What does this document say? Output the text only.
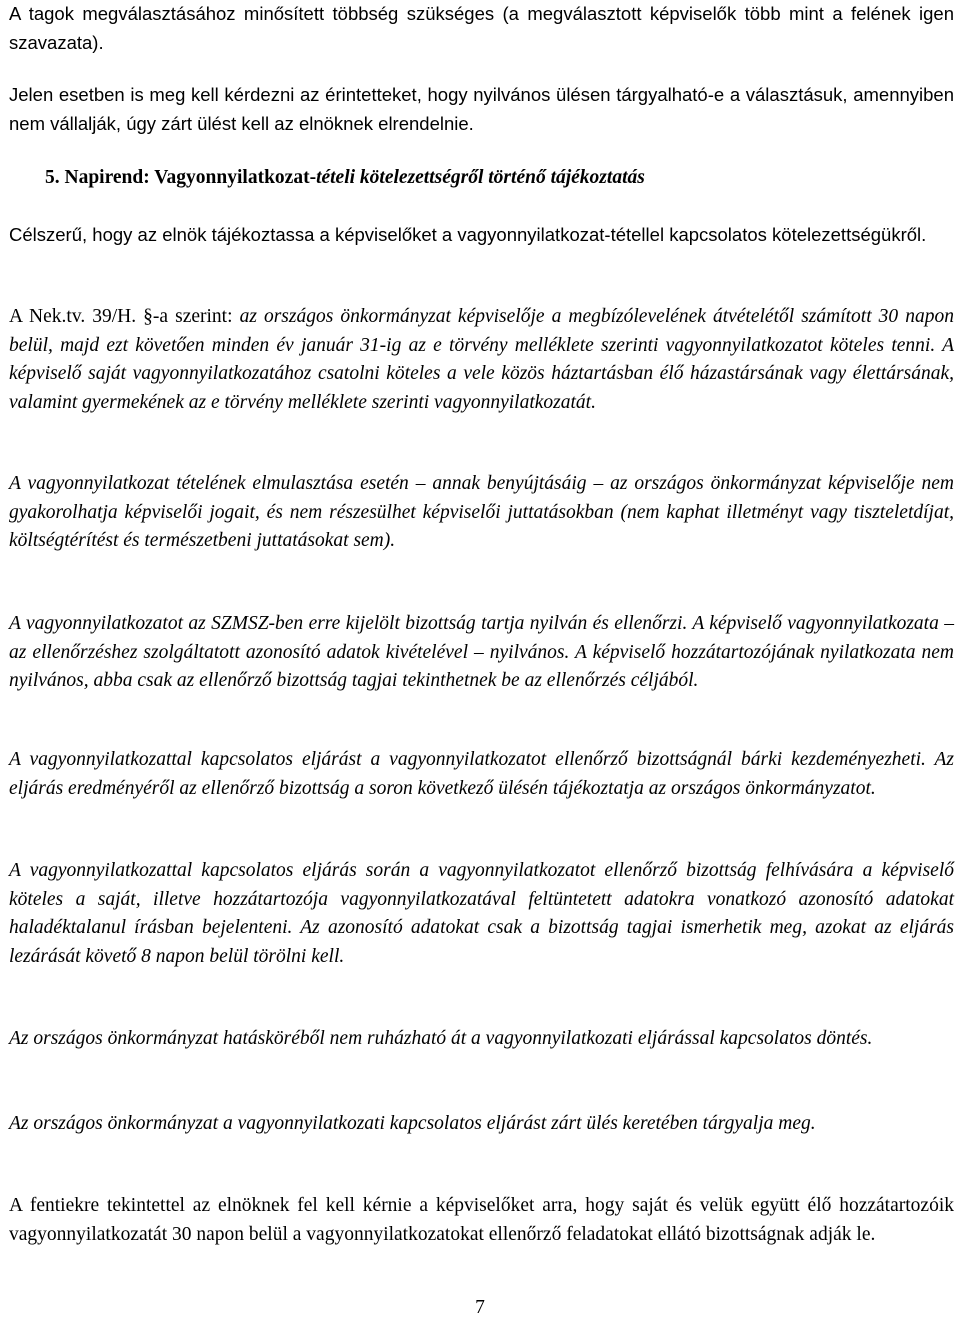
A tagok megválasztásához minősített többség szükséges (a megválasztott képviselők több mint a felének igen szavazata).

Jelen esetben is meg kell kérdezni az érintetteket, hogy nyilvános ülésen tárgyalható-e a választásuk, amennyiben nem vállalják, úgy zárt ülést kell az elnöknek elrendelnie.

5. Napirend: Vagyonnyilatkozat-tételi kötelezettségről történő tájékoztatás

Célszerű, hogy az elnök tájékoztassa a képviselőket a vagyonnyilatkozat-tétellel kapcsolatos kötelezettségükről.

A Nek.tv. 39/H. §-a szerint: az országos önkormányzat képviselője a megbízólevelének átvételétől számított 30 napon belül, majd ezt követően minden év január 31-ig az e törvény melléklete szerinti vagyonnyilatkozatot köteles tenni. A képviselő saját vagyonnyilatkozatához csatolni köteles a vele közös háztartásban élő házastársának vagy élettársának, valamint gyermekének az e törvény melléklete szerinti vagyonnyilatkozatát.

A vagyonnyilatkozat tételének elmulasztása esetén – annak benyújtásáig – az országos önkormányzat képviselője nem gyakorolhatja képviselői jogait, és nem részesülhet képviselői juttatásokban (nem kaphat illetményt vagy tiszteletdíjat, költségtérítést és természetbeni juttatásokat sem).

A vagyonnyilatkozatot az SZMSZ-ben erre kijelölt bizottság tartja nyilván és ellenőrzi. A képviselő vagyonnyilatkozata – az ellenőrzéshez szolgáltatott azonosító adatok kivételével – nyilvános. A képviselő hozzátartozójának nyilatkozata nem nyilvános, abba csak az ellenőrző bizottság tagjai tekinthetnek be az ellenőrzés céljából.

A vagyonnyilatkozattal kapcsolatos eljárást a vagyonnyilatkozatot ellenőrző bizottságnál bárki kezdeményezheti. Az eljárás eredményéről az ellenőrző bizottság a soron következő ülésén tájékoztatja az országos önkormányzatot.

A vagyonnyilatkozattal kapcsolatos eljárás során a vagyonnyilatkozatot ellenőrző bizottság felhívására a képviselő köteles a saját, illetve hozzátartozója vagyonnyilatkozatával feltüntetett adatokra vonatkozó azonosító adatokat haladéktalanul írásban bejelenteni. Az azonosító adatokat csak a bizottság tagjai ismerhetik meg, azokat az eljárás lezárását követő 8 napon belül törölni kell.

Az országos önkormányzat hatásköréből nem ruházható át a vagyonnyilatkozati eljárással kapcsolatos döntés.

Az országos önkormányzat a vagyonnyilatkozati kapcsolatos eljárást zárt ülés keretében tárgyalja meg.

A fentiekre tekintettel az elnöknek fel kell kérnie a képviselőket arra, hogy saját és velük együtt élő hozzátartozóik vagyonnyilatkozatát 30 napon belül a vagyonnyilatkozatokat ellenőrző feladatokat ellátó bizottságnak adják le.

7
